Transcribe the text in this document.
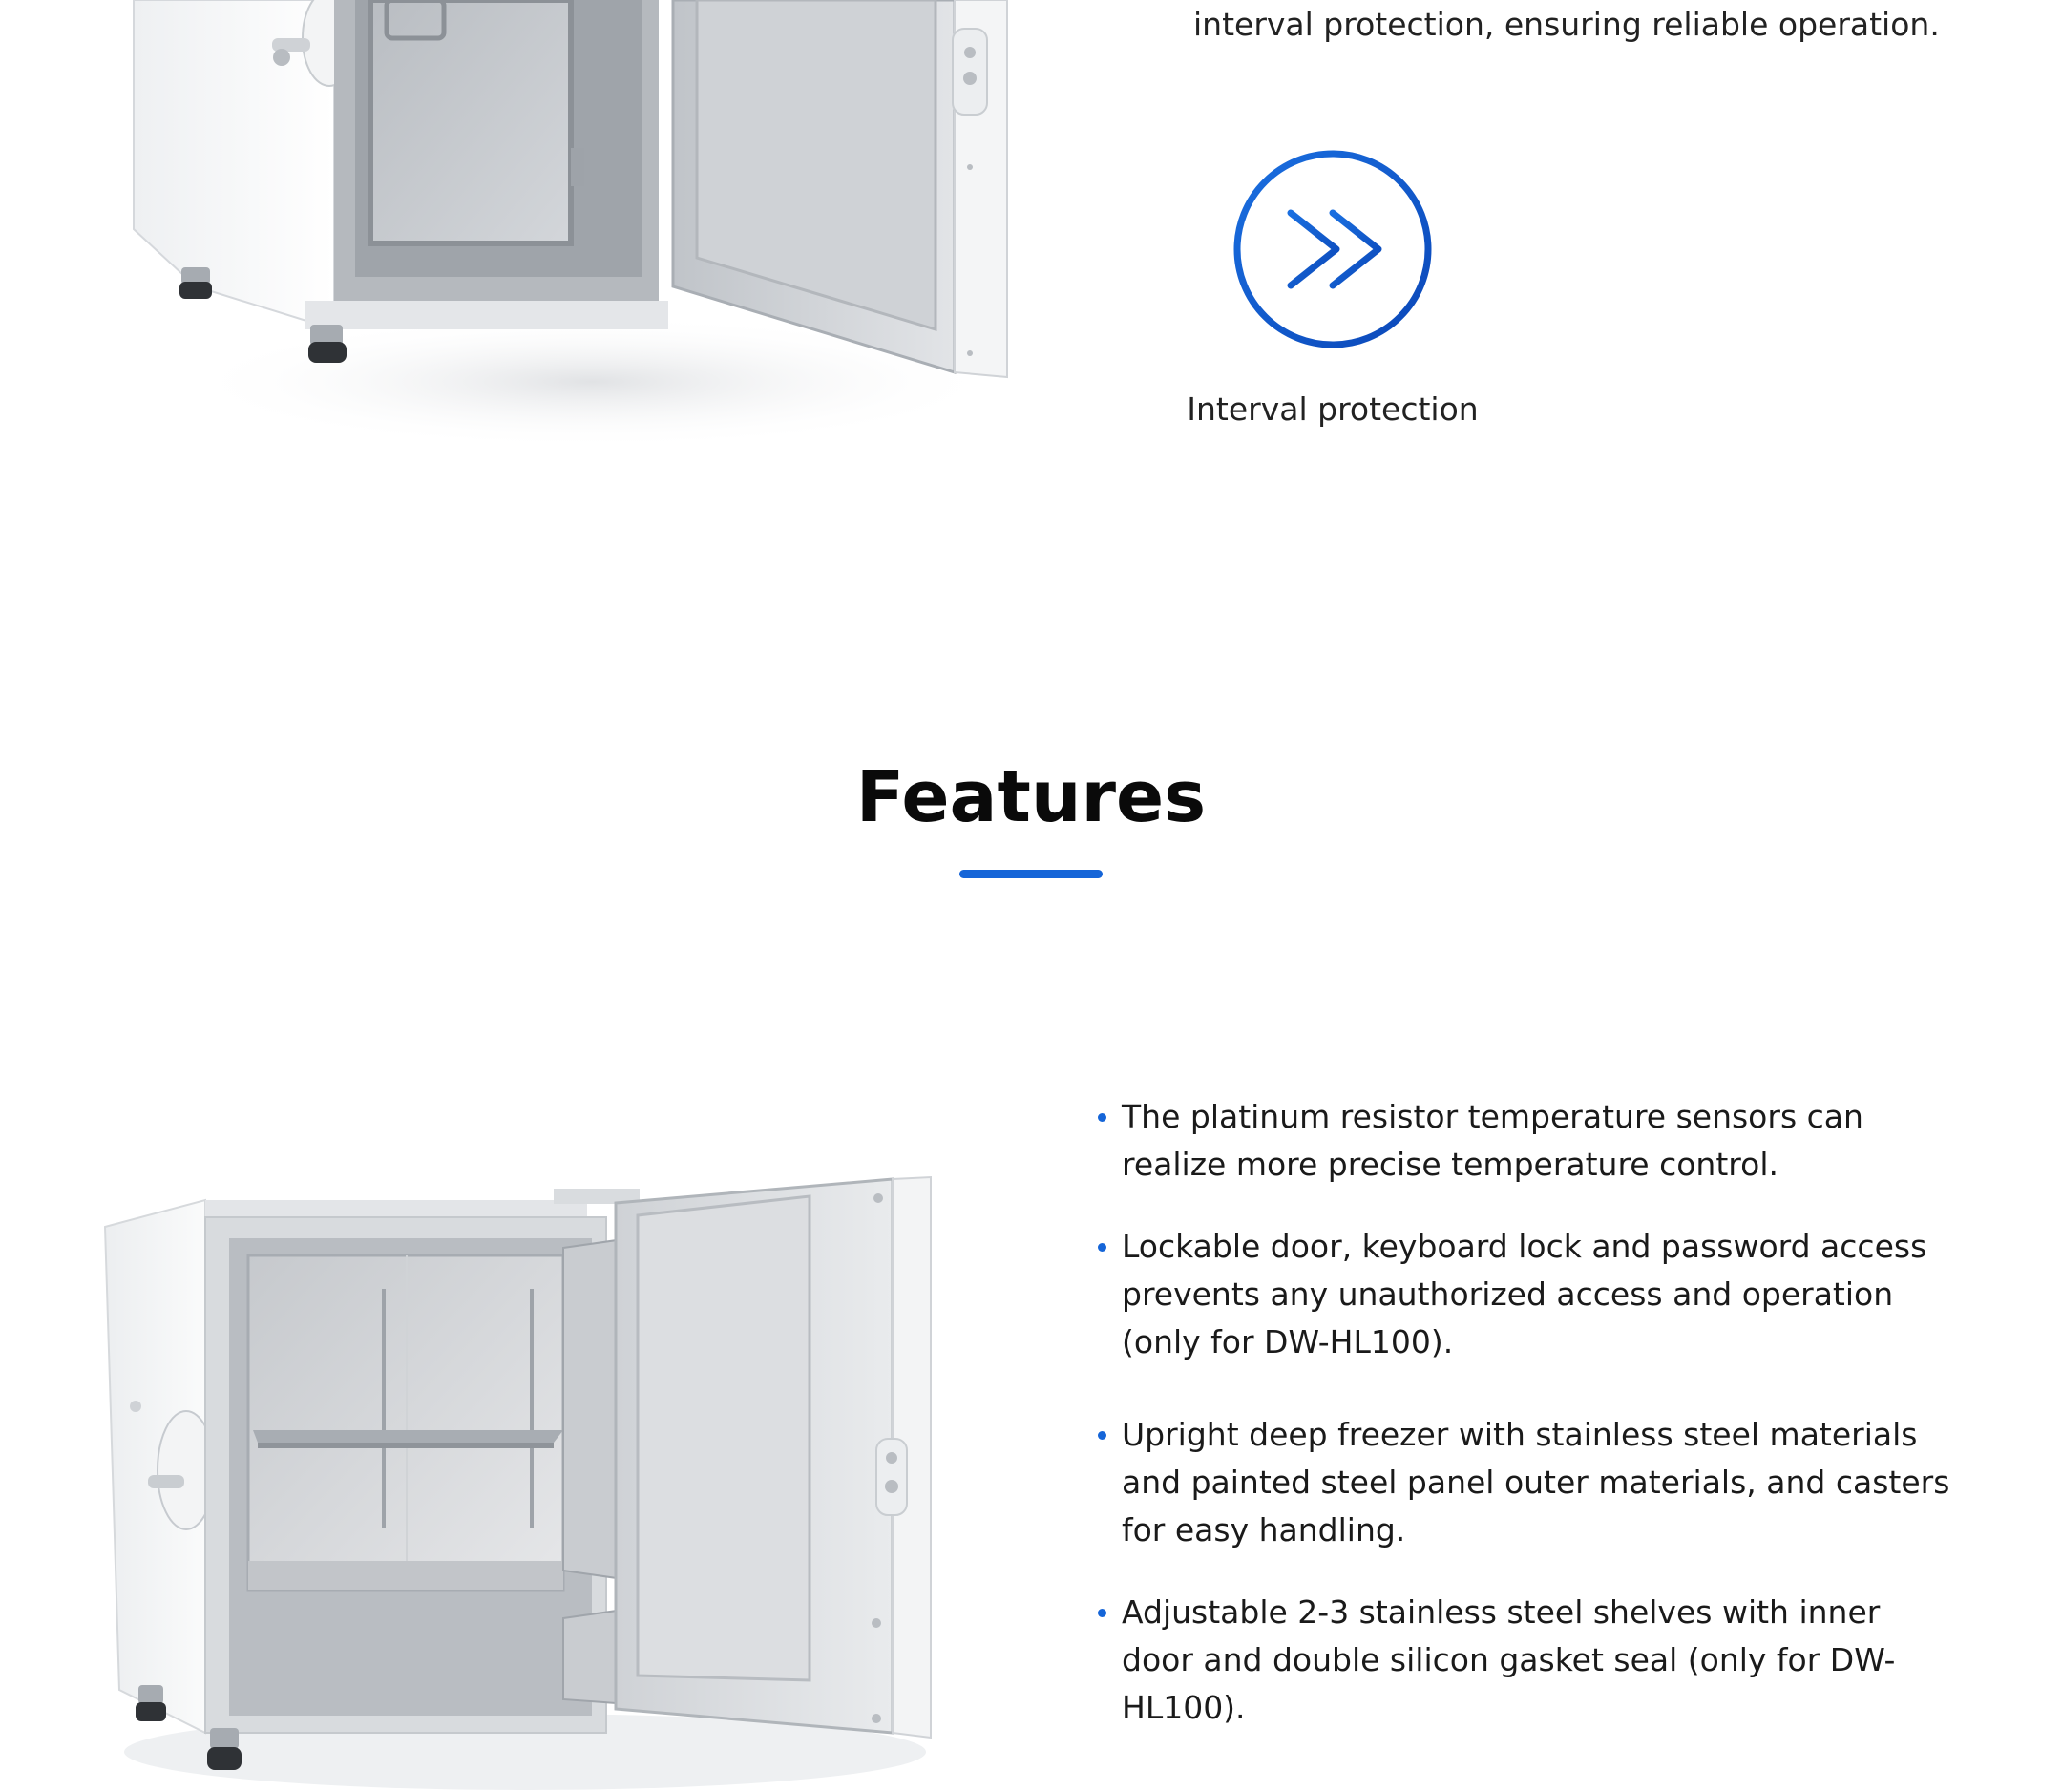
interval protection, ensuring reliable operation.
Interval protection
Features
The platinum resistor temperature sensors can realize more precise temperature control.
Lockable door, keyboard lock and password access prevents any unauthorized access and operation (only for DW-HL100).
Upright deep freezer with stainless steel materials and painted steel panel outer materials, and casters for easy handling.
Adjustable 2-3 stainless steel shelves with inner door and double silicon gasket seal (only for DW-HL100).
